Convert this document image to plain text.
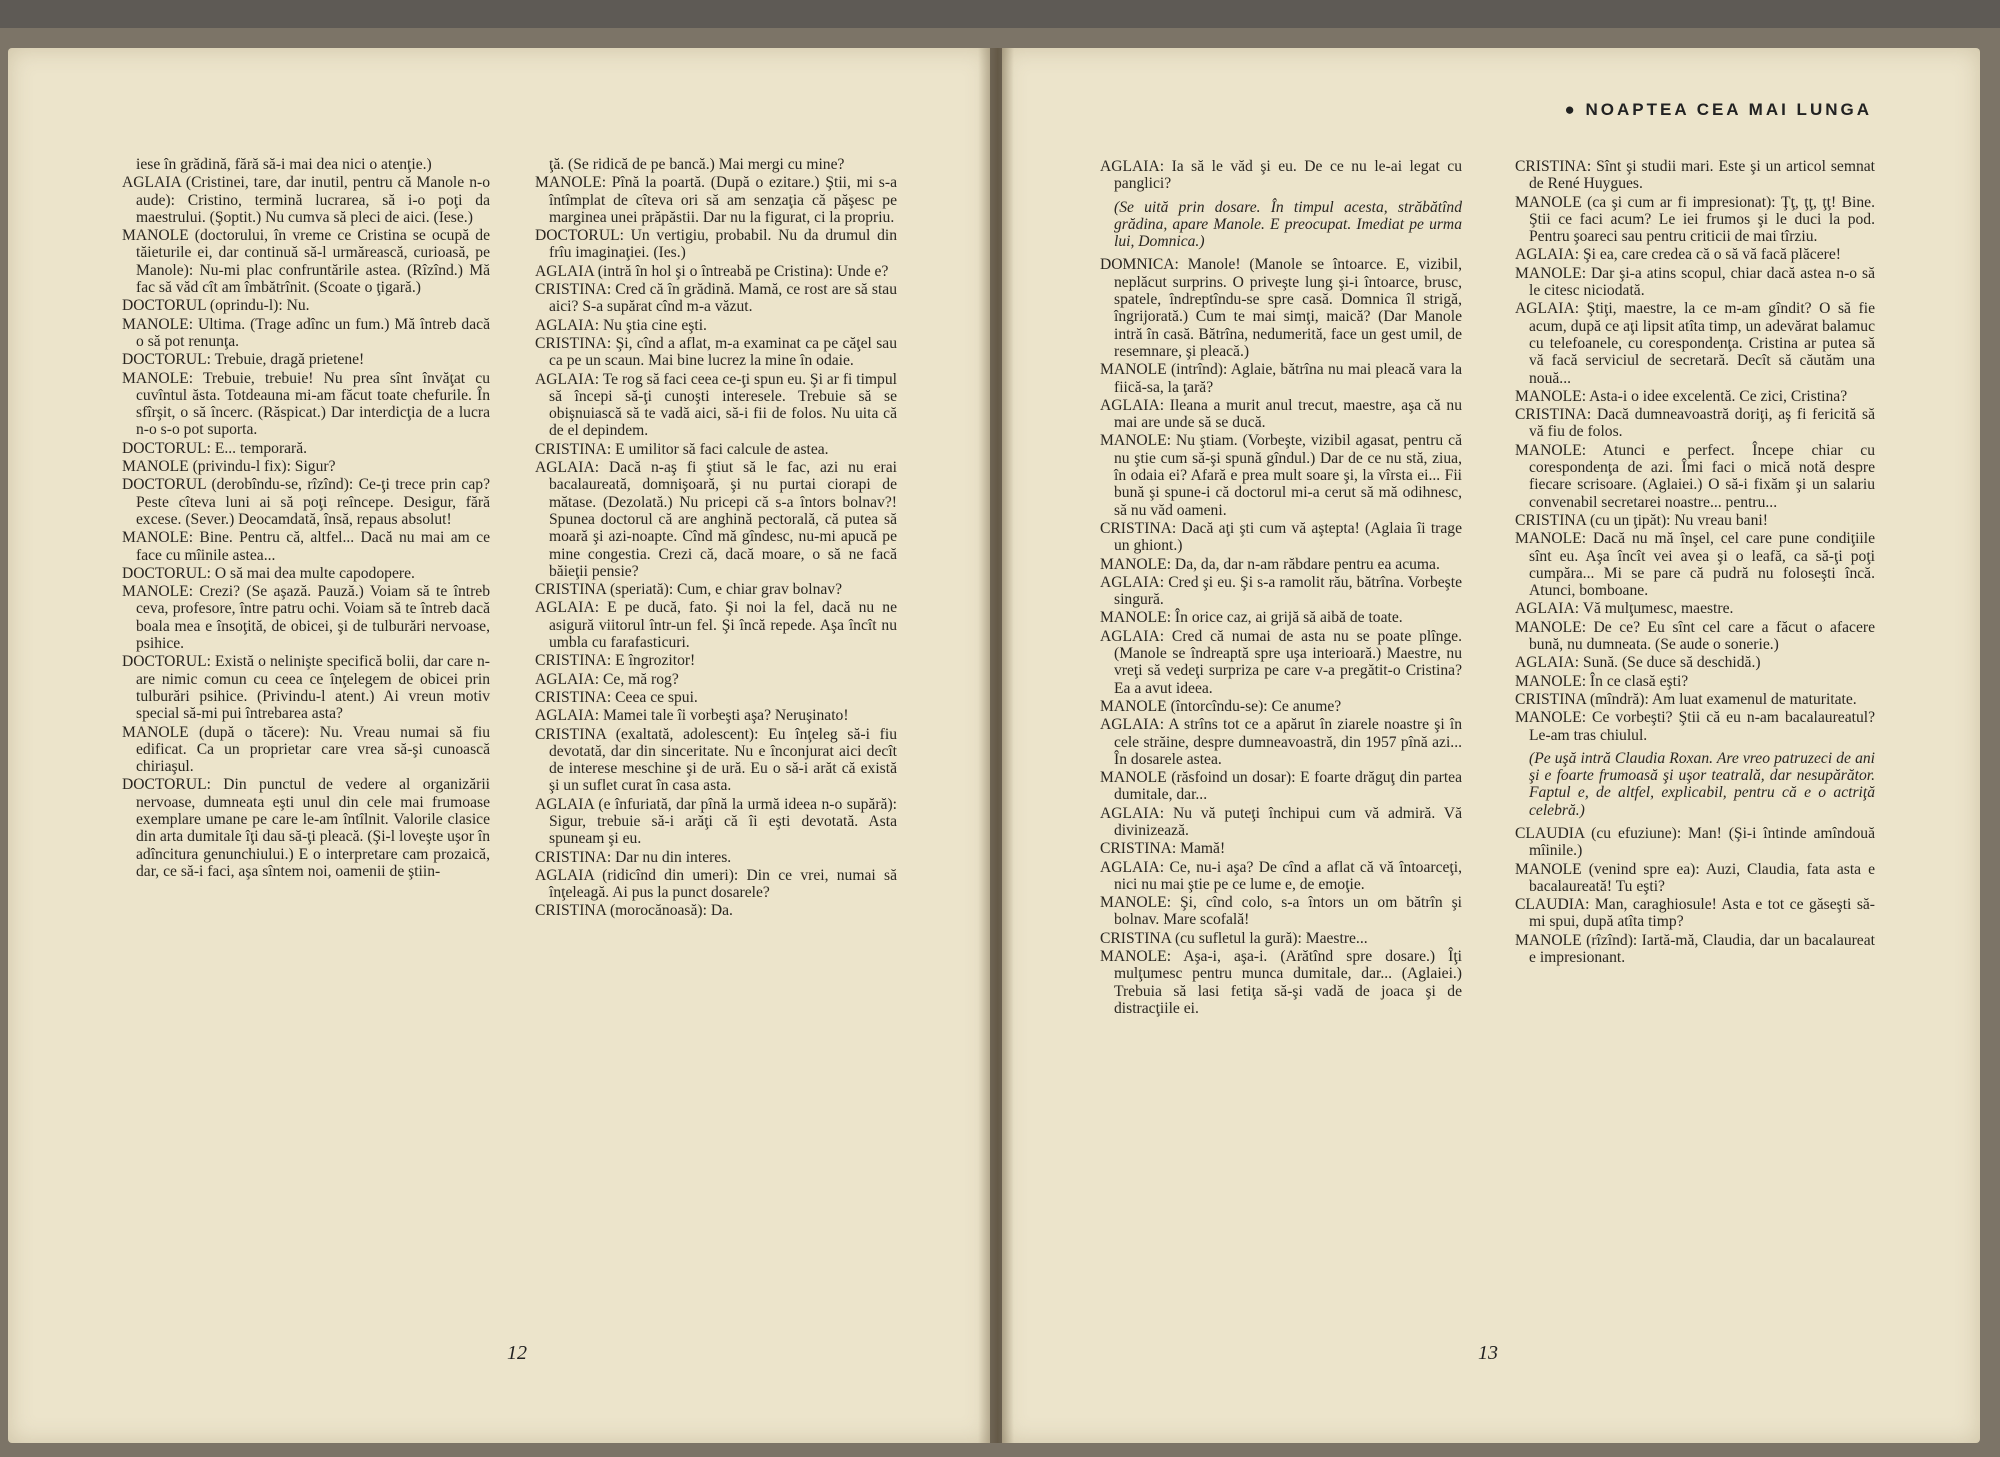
● NOAPTEA CEA MAI LUNGA

iese în grădină, fără să-i mai dea nici o atenţie.)

AGLAIA (Cristinei, tare, dar inutil, pentru că Manole n-o aude): Cristino, termină lucrarea, să i-o poţi da maestrului. (Şoptit.) Nu cumva să pleci de aici. (Iese.)

MANOLE (doctorului, în vreme ce Cristina se ocupă de tăieturile ei, dar continuă să-l urmărească, curioasă, pe Manole): Nu-mi plac confruntările astea. (Rîzînd.) Mă fac să văd cît am îmbătrînit. (Scoate o ţigară.)

DOCTORUL (oprindu-l): Nu.

MANOLE: Ultima. (Trage adînc un fum.) Mă întreb dacă o să pot renunţa.

DOCTORUL: Trebuie, dragă prietene!

MANOLE: Trebuie, trebuie! Nu prea sînt învăţat cu cuvîntul ăsta. Totdeauna mi-am făcut toate chefurile. În sfîrşit, o să încerc. (Răspicat.) Dar interdicţia de a lucra n-o s-o pot suporta.

DOCTORUL: E... temporară.

MANOLE (privindu-l fix): Sigur?

DOCTORUL (derobîndu-se, rîzînd): Ce-ţi trece prin cap? Peste cîteva luni ai să poţi reîncepe. Desigur, fără excese. (Sever.) Deocamdată, însă, repaus absolut!

MANOLE: Bine. Pentru că, altfel... Dacă nu mai am ce face cu mîinile astea...

DOCTORUL: O să mai dea multe capodopere.

MANOLE: Crezi? (Se aşază. Pauză.) Voiam să te întreb ceva, profesore, între patru ochi. Voiam să te întreb dacă boala mea e însoţită, de obicei, şi de tulburări nervoase, psihice.

DOCTORUL: Există o nelinişte specifică bolii, dar care n-are nimic comun cu ceea ce înţelegem de obicei prin tulburări psihice. (Privindu-l atent.) Ai vreun motiv special să-mi pui întrebarea asta?

MANOLE (după o tăcere): Nu. Vreau numai să fiu edificat. Ca un proprietar care vrea să-şi cunoască chiriaşul.

DOCTORUL: Din punctul de vedere al organizării nervoase, dumneata eşti unul din cele mai frumoase exemplare umane pe care le-am întîlnit. Valorile clasice din arta dumitale îţi dau să-ţi pleacă. (Şi-l loveşte uşor în adîncitura genunchiului.) E o interpretare cam prozaică, dar, ce să-i faci, aşa sîntem noi, oamenii de ştiin-

ţă. (Se ridică de pe bancă.) Mai mergi cu mine?

MANOLE: Pînă la poartă. (După o ezitare.) Ştii, mi s-a întîmplat de cîteva ori să am senzaţia că păşesc pe marginea unei prăpăstii. Dar nu la figurat, ci la propriu.

DOCTORUL: Un vertigiu, probabil. Nu da drumul din frîu imaginaţiei. (Ies.)

AGLAIA (intră în hol şi o întreabă pe Cristina): Unde e?

CRISTINA: Cred că în grădină. Mamă, ce rost are să stau aici? S-a supărat cînd m-a văzut.

AGLAIA: Nu ştia cine eşti.

CRISTINA: Şi, cînd a aflat, m-a examinat ca pe căţel sau ca pe un scaun. Mai bine lucrez la mine în odaie.

AGLAIA: Te rog să faci ceea ce-ţi spun eu. Şi ar fi timpul să începi să-ţi cunoşti interesele. Trebuie să se obişnuiască să te vadă aici, să-i fii de folos. Nu uita că de el depindem.

CRISTINA: E umilitor să faci calcule de astea.

AGLAIA: Dacă n-aş fi ştiut să le fac, azi nu erai bacalaureată, domnişoară, şi nu purtai ciorapi de mătase. (Dezolată.) Nu pricepi că s-a întors bolnav?! Spunea doctorul că are anghină pectorală, că putea să moară şi azi-noapte. Cînd mă gîndesc, nu-mi apucă pe mine congestia. Crezi că, dacă moare, o să ne facă băieţii pensie?

CRISTINA (speriată): Cum, e chiar grav bolnav?

AGLAIA: E pe ducă, fato. Şi noi la fel, dacă nu ne asigură viitorul într-un fel. Şi încă repede. Aşa încît nu umbla cu farafasticuri.

CRISTINA: E îngrozitor!

AGLAIA: Ce, mă rog?

CRISTINA: Ceea ce spui.

AGLAIA: Mamei tale îi vorbeşti aşa? Neruşinato!

CRISTINA (exaltată, adolescent): Eu înţeleg să-i fiu devotată, dar din sinceritate. Nu e înconjurat aici decît de interese meschine şi de ură. Eu o să-i arăt că există şi un suflet curat în casa asta.

AGLAIA (e înfuriată, dar pînă la urmă ideea n-o supără): Sigur, trebuie să-i arăţi că îi eşti devotată. Asta spuneam şi eu.

CRISTINA: Dar nu din interes.

AGLAIA (ridicînd din umeri): Din ce vrei, numai să înţeleagă. Ai pus la punct dosarele?

CRISTINA (morocănoasă): Da.

AGLAIA: Ia să le văd şi eu. De ce nu le-ai legat cu panglici?

(Se uită prin dosare. În timpul acesta, străbătînd grădina, apare Manole. E preocupat. Imediat pe urma lui, Domnica.)

DOMNICA: Manole! (Manole se întoarce. E, vizibil, neplăcut surprins. O priveşte lung şi-i întoarce, brusc, spatele, îndreptîndu-se spre casă. Domnica îl strigă, îngrijorată.) Cum te mai simţi, maică? (Dar Manole intră în casă. Bătrîna, nedumerită, face un gest umil, de resemnare, şi pleacă.)

MANOLE (intrînd): Aglaie, bătrîna nu mai pleacă vara la fiică-sa, la ţară?

AGLAIA: Ileana a murit anul trecut, maestre, aşa că nu mai are unde să se ducă.

MANOLE: Nu ştiam. (Vorbeşte, vizibil agasat, pentru că nu ştie cum să-şi spună gîndul.) Dar de ce nu stă, ziua, în odaia ei? Afară e prea mult soare şi, la vîrsta ei... Fii bună şi spune-i că doctorul mi-a cerut să mă odihnesc, să nu văd oameni.

CRISTINA: Dacă aţi şti cum vă aştepta! (Aglaia îi trage un ghiont.)

MANOLE: Da, da, dar n-am răbdare pentru ea acuma.

AGLAIA: Cred şi eu. Şi s-a ramolit rău, bătrîna. Vorbeşte singură.

MANOLE: În orice caz, ai grijă să aibă de toate.

AGLAIA: Cred că numai de asta nu se poate plînge. (Manole se îndreaptă spre uşa interioară.) Maestre, nu vreţi să vedeţi surpriza pe care v-a pregătit-o Cristina? Ea a avut ideea.

MANOLE (întorcîndu-se): Ce anume?

AGLAIA: A strîns tot ce a apărut în ziarele noastre şi în cele străine, despre dumneavoastră, din 1957 pînă azi... În dosarele astea.

MANOLE (răsfoind un dosar): E foarte drăguţ din partea dumitale, dar...

AGLAIA: Nu vă puteţi închipui cum vă admiră. Vă divinizează.

CRISTINA: Mamă!

AGLAIA: Ce, nu-i aşa? De cînd a aflat că vă întoarceţi, nici nu mai ştie pe ce lume e, de emoţie.

MANOLE: Şi, cînd colo, s-a întors un om bătrîn şi bolnav. Mare scofală!

CRISTINA (cu sufletul la gură): Maestre...

MANOLE: Aşa-i, aşa-i. (Arătînd spre dosare.) Îţi mulţumesc pentru munca dumitale, dar... (Aglaiei.) Trebuia să lasi fetiţa să-şi vadă de joaca şi de distracţiile ei.

CRISTINA: Sînt şi studii mari. Este şi un articol semnat de René Huygues.

MANOLE (ca şi cum ar fi impresionat): Ţţ, ţţ, ţţ! Bine. Ştii ce faci acum? Le iei frumos şi le duci la pod. Pentru şoareci sau pentru criticii de mai tîrziu.

AGLAIA: Şi ea, care credea că o să vă facă plăcere!

MANOLE: Dar şi-a atins scopul, chiar dacă astea n-o să le citesc niciodată.

AGLAIA: Ştiţi, maestre, la ce m-am gîndit? O să fie acum, după ce aţi lipsit atîta timp, un adevărat balamuc cu telefoanele, cu corespondenţa. Cristina ar putea să vă facă serviciul de secretară. Decît să căutăm una nouă...

MANOLE: Asta-i o idee excelentă. Ce zici, Cristina?

CRISTINA: Dacă dumneavoastră doriţi, aş fi fericită să vă fiu de folos.

MANOLE: Atunci e perfect. Începe chiar cu corespondenţa de azi. Îmi faci o mică notă despre fiecare scrisoare. (Aglaiei.) O să-i fixăm şi un salariu convenabil secretarei noastre... pentru...

CRISTINA (cu un ţipăt): Nu vreau bani!

MANOLE: Dacă nu mă înşel, cel care pune condiţiile sînt eu. Aşa încît vei avea şi o leafă, ca să-ţi poţi cumpăra... Mi se pare că pudră nu foloseşti încă. Atunci, bomboane.

AGLAIA: Vă mulţumesc, maestre.

MANOLE: De ce? Eu sînt cel care a făcut o afacere bună, nu dumneata. (Se aude o sonerie.)

AGLAIA: Sună. (Se duce să deschidă.)

MANOLE: În ce clasă eşti?

CRISTINA (mîndră): Am luat examenul de maturitate.

MANOLE: Ce vorbeşti? Ştii că eu n-am bacalaureatul? Le-am tras chiulul.

(Pe uşă intră Claudia Roxan. Are vreo patruzeci de ani şi e foarte frumoasă şi uşor teatrală, dar nesupărător. Faptul e, de altfel, explicabil, pentru că e o actriţă celebră.)

CLAUDIA (cu efuziune): Man! (Şi-i întinde amîndouă mîinile.)

MANOLE (venind spre ea): Auzi, Claudia, fata asta e bacalaureată! Tu eşti?

CLAUDIA: Man, caraghiosule! Asta e tot ce găseşti să-mi spui, după atîta timp?

MANOLE (rîzînd): Iartă-mă, Claudia, dar un bacalaureat e impresionant.

12	13
